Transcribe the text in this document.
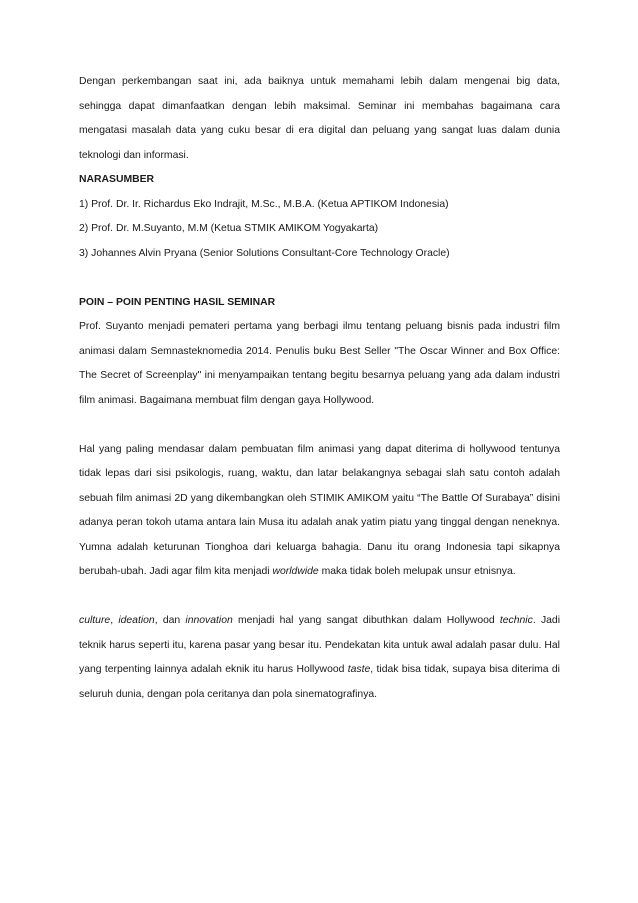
Dengan perkembangan saat ini, ada baiknya untuk memahami lebih dalam mengenai big data, sehingga dapat dimanfaatkan dengan lebih maksimal. Seminar ini membahas bagaimana cara mengatasi masalah data yang cuku besar di era digital dan peluang yang sangat luas dalam dunia teknologi dan informasi.

NARASUMBER

1) Prof. Dr. Ir. Richardus Eko Indrajit, M.Sc., M.B.A. (Ketua APTIKOM Indonesia)

2) Prof. Dr. M.Suyanto, M.M (Ketua STMIK AMIKOM Yogyakarta)

3) Johannes Alvin Pryana (Senior Solutions Consultant-Core Technology Oracle)

POIN – POIN PENTING HASIL SEMINAR

Prof. Suyanto menjadi pemateri pertama yang berbagi ilmu tentang peluang bisnis pada industri film animasi dalam Semnasteknomedia 2014. Penulis buku Best Seller "The Oscar Winner and Box Office: The Secret of Screenplay" ini menyampaikan tentang begitu besarnya peluang yang ada dalam industri film animasi. Bagaimana membuat film dengan gaya Hollywood.

Hal yang paling mendasar dalam pembuatan film animasi yang dapat diterima di hollywood tentunya tidak lepas dari sisi psikologis, ruang, waktu, dan latar belakangnya sebagai slah satu contoh adalah sebuah film animasi 2D yang dikembangkan oleh STIMIK AMIKOM yaitu “The Battle Of Surabaya” disini adanya peran tokoh utama antara lain Musa itu adalah anak yatim piatu yang tinggal dengan neneknya. Yumna adalah keturunan Tionghoa dari keluarga bahagia. Danu itu orang Indonesia tapi sikapnya berubah-ubah. Jadi agar film kita menjadi worldwide maka tidak boleh melupak unsur etnisnya.

culture, ideation, dan innovation menjadi hal yang sangat dibuthkan dalam Hollywood technic. Jadi teknik harus seperti itu, karena pasar yang besar itu. Pendekatan kita untuk awal adalah pasar dulu. Hal yang terpenting lainnya adalah eknik itu harus Hollywood taste, tidak bisa tidak, supaya bisa diterima di seluruh dunia, dengan pola ceritanya dan pola sinematografinya.
